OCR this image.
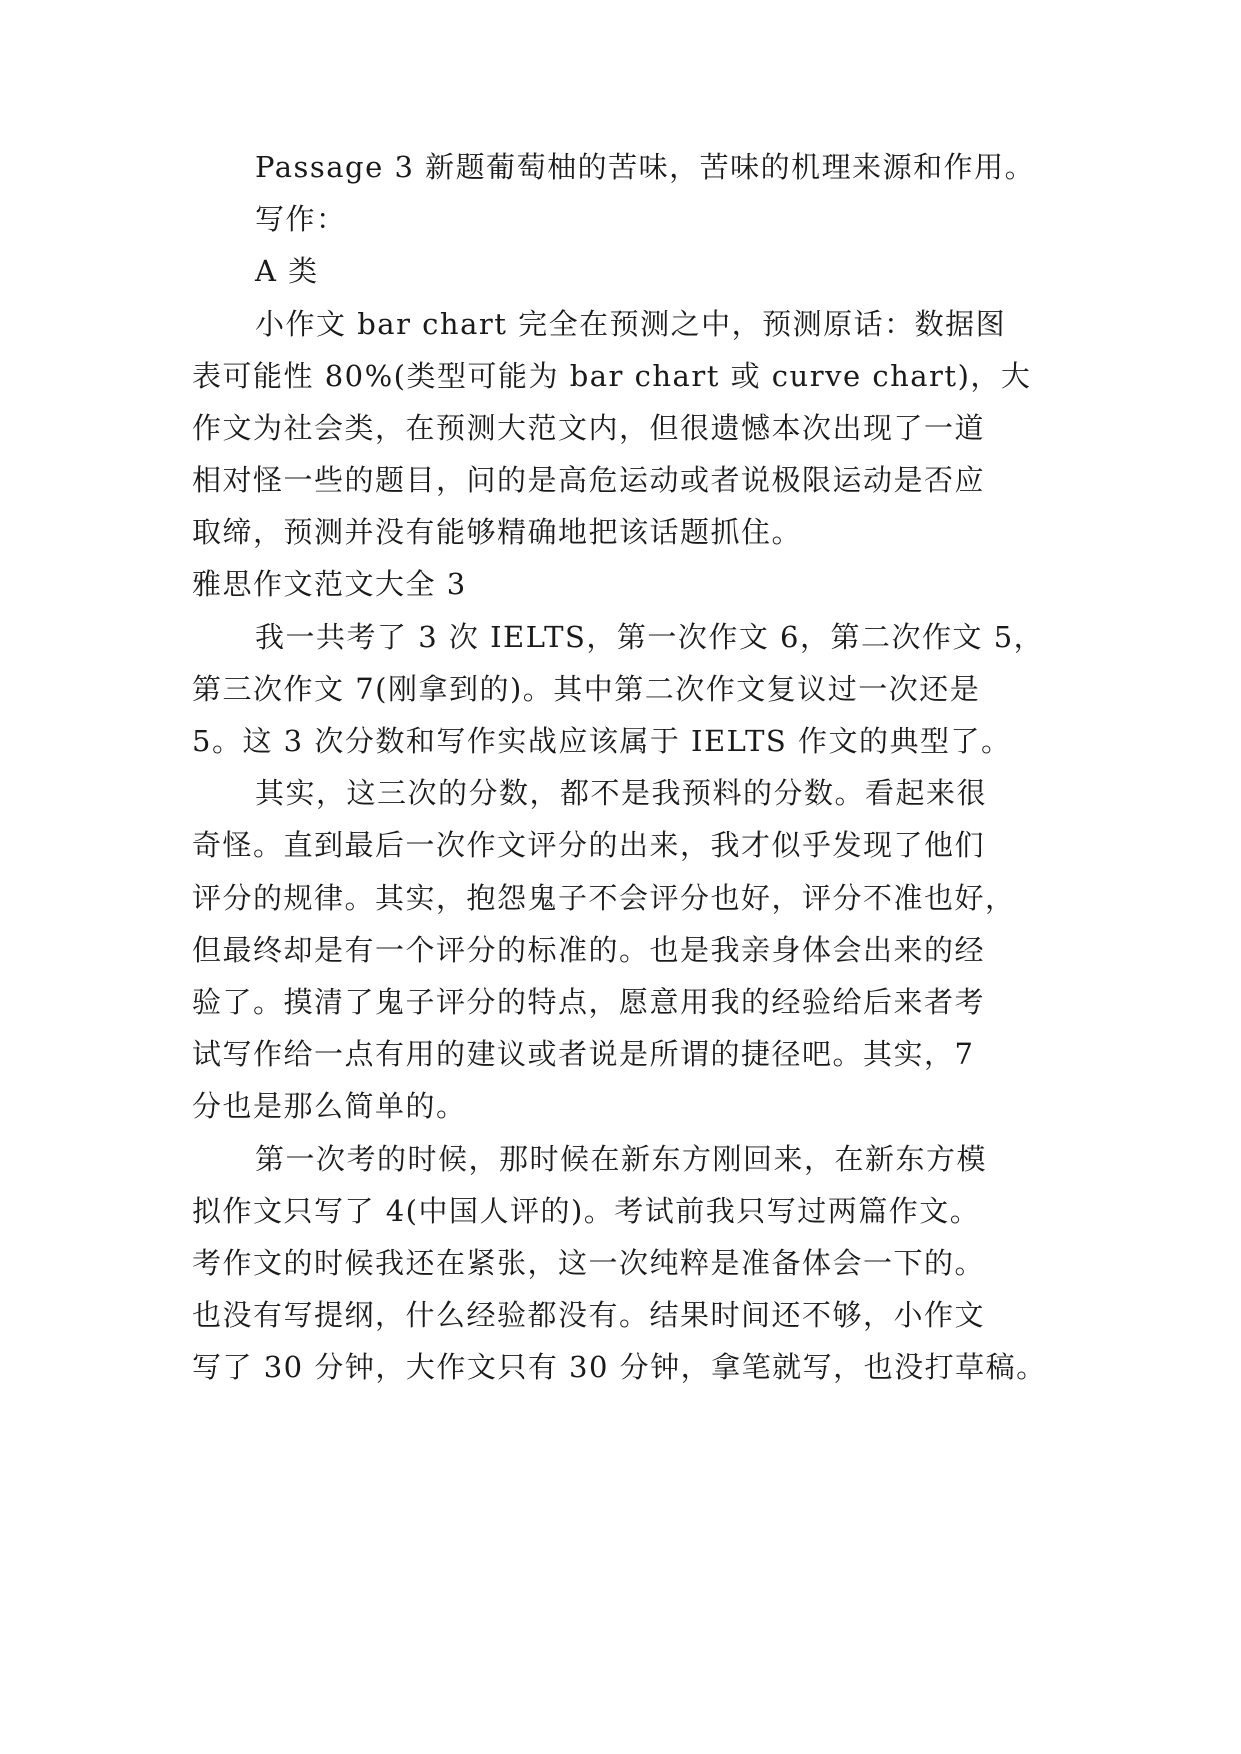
Passage 3 新题葡萄柚的苦味，苦味的机理来源和作用。
写作：
A 类
小作文 bar chart 完全在预测之中，预测原话：数据图
表可能性 80%(类型可能为 bar chart 或 curve chart)，大
作文为社会类，在预测大范文内，但很遗憾本次出现了一道
相对怪一些的题目，问的是高危运动或者说极限运动是否应
取缔，预测并没有能够精确地把该话题抓住。
雅思作文范文大全 3
我一共考了 3 次 IELTS，第一次作文 6，第二次作文 5，
第三次作文 7(刚拿到的)。其中第二次作文复议过一次还是
5。这 3 次分数和写作实战应该属于 IELTS 作文的典型了。
其实，这三次的分数，都不是我预料的分数。看起来很
奇怪。直到最后一次作文评分的出来，我才似乎发现了他们
评分的规律。其实，抱怨鬼子不会评分也好，评分不准也好，
但最终却是有一个评分的标准的。也是我亲身体会出来的经
验了。摸清了鬼子评分的特点，愿意用我的经验给后来者考
试写作给一点有用的建议或者说是所谓的捷径吧。其实，7
分也是那么简单的。
第一次考的时候，那时候在新东方刚回来，在新东方模
拟作文只写了 4(中国人评的)。考试前我只写过两篇作文。
考作文的时候我还在紧张，这一次纯粹是准备体会一下的。
也没有写提纲，什么经验都没有。结果时间还不够，小作文
写了 30 分钟，大作文只有 30 分钟，拿笔就写，也没打草稿。
